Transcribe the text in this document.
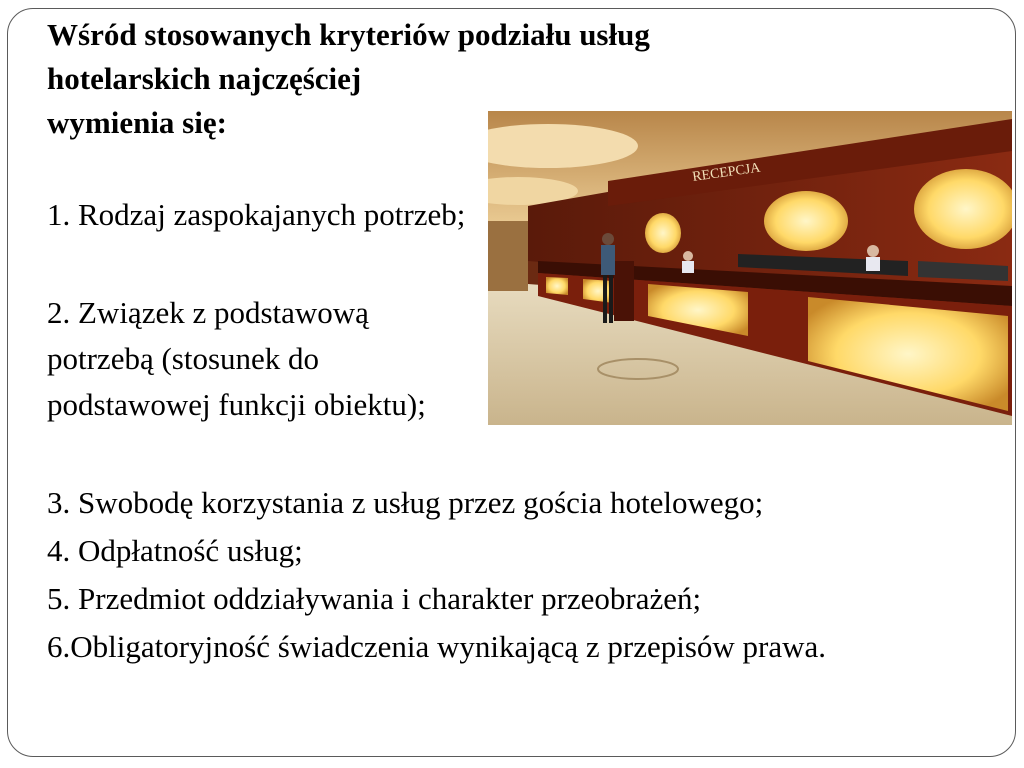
Wśród stosowanych kryteriów podziału usług
hotelarskich najczęściej
wymienia się:
RECEPCJA

1. Rodzaj zaspokajanych potrzeb;

2. Związek z podstawową potrzebą (stosunek do podstawowej funkcji obiektu);

3. Swobodę korzystania z usług przez gościa hotelowego;

4. Odpłatność usług;

5. Przedmiot oddziaływania i charakter przeobrażeń;

6.Obligatoryjność świadczenia wynikającą z przepisów prawa.
